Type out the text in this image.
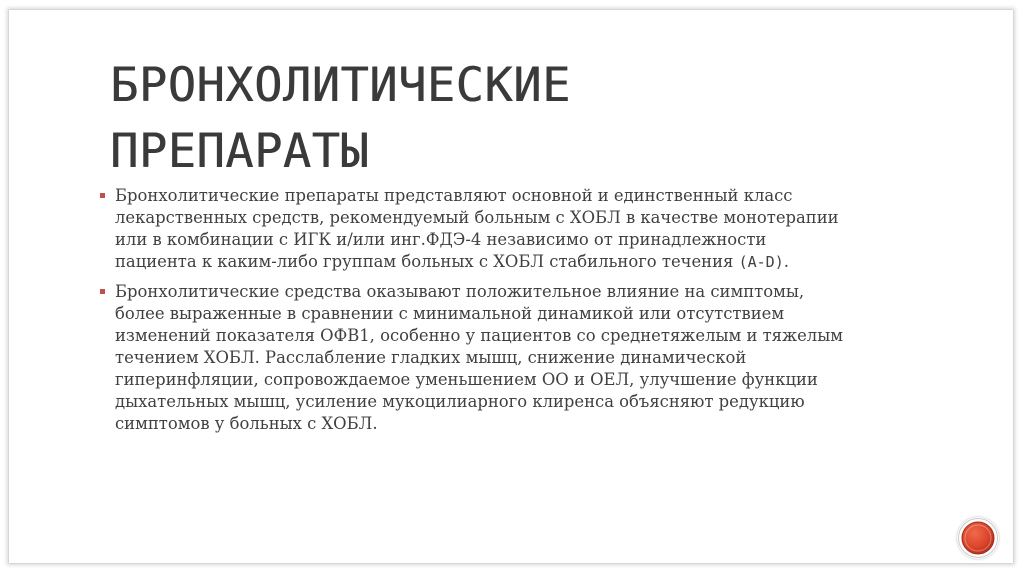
БРОНХОЛИТИЧЕСКИЕ
ПРЕПАРАТЫ
Бронхолитические препараты представляют основной и единственный класс
лекарственных средств, рекомендуемый больным с ХОБЛ в качестве монотерапии
или в комбинации с ИГК и/или инг.ФДЭ-4 независимо от принадлежности
пациента к каким-либо группам больных с ХОБЛ стабильного течения (A-D).
Бронхолитические средства оказывают положительное влияние на симптомы,
более выраженные в сравнении с минимальной динамикой или отсутствием
изменений показателя ОФВ1, особенно у пациентов со среднетяжелым и тяжелым
течением ХОБЛ. Расслабление гладких мышц, снижение динамической
гиперинфляции, сопровождаемое уменьшением ОО и ОЕЛ, улучшение функции
дыхательных мышц, усиление мукоцилиарного клиренса объясняют редукцию
симптомов у больных с ХОБЛ.
